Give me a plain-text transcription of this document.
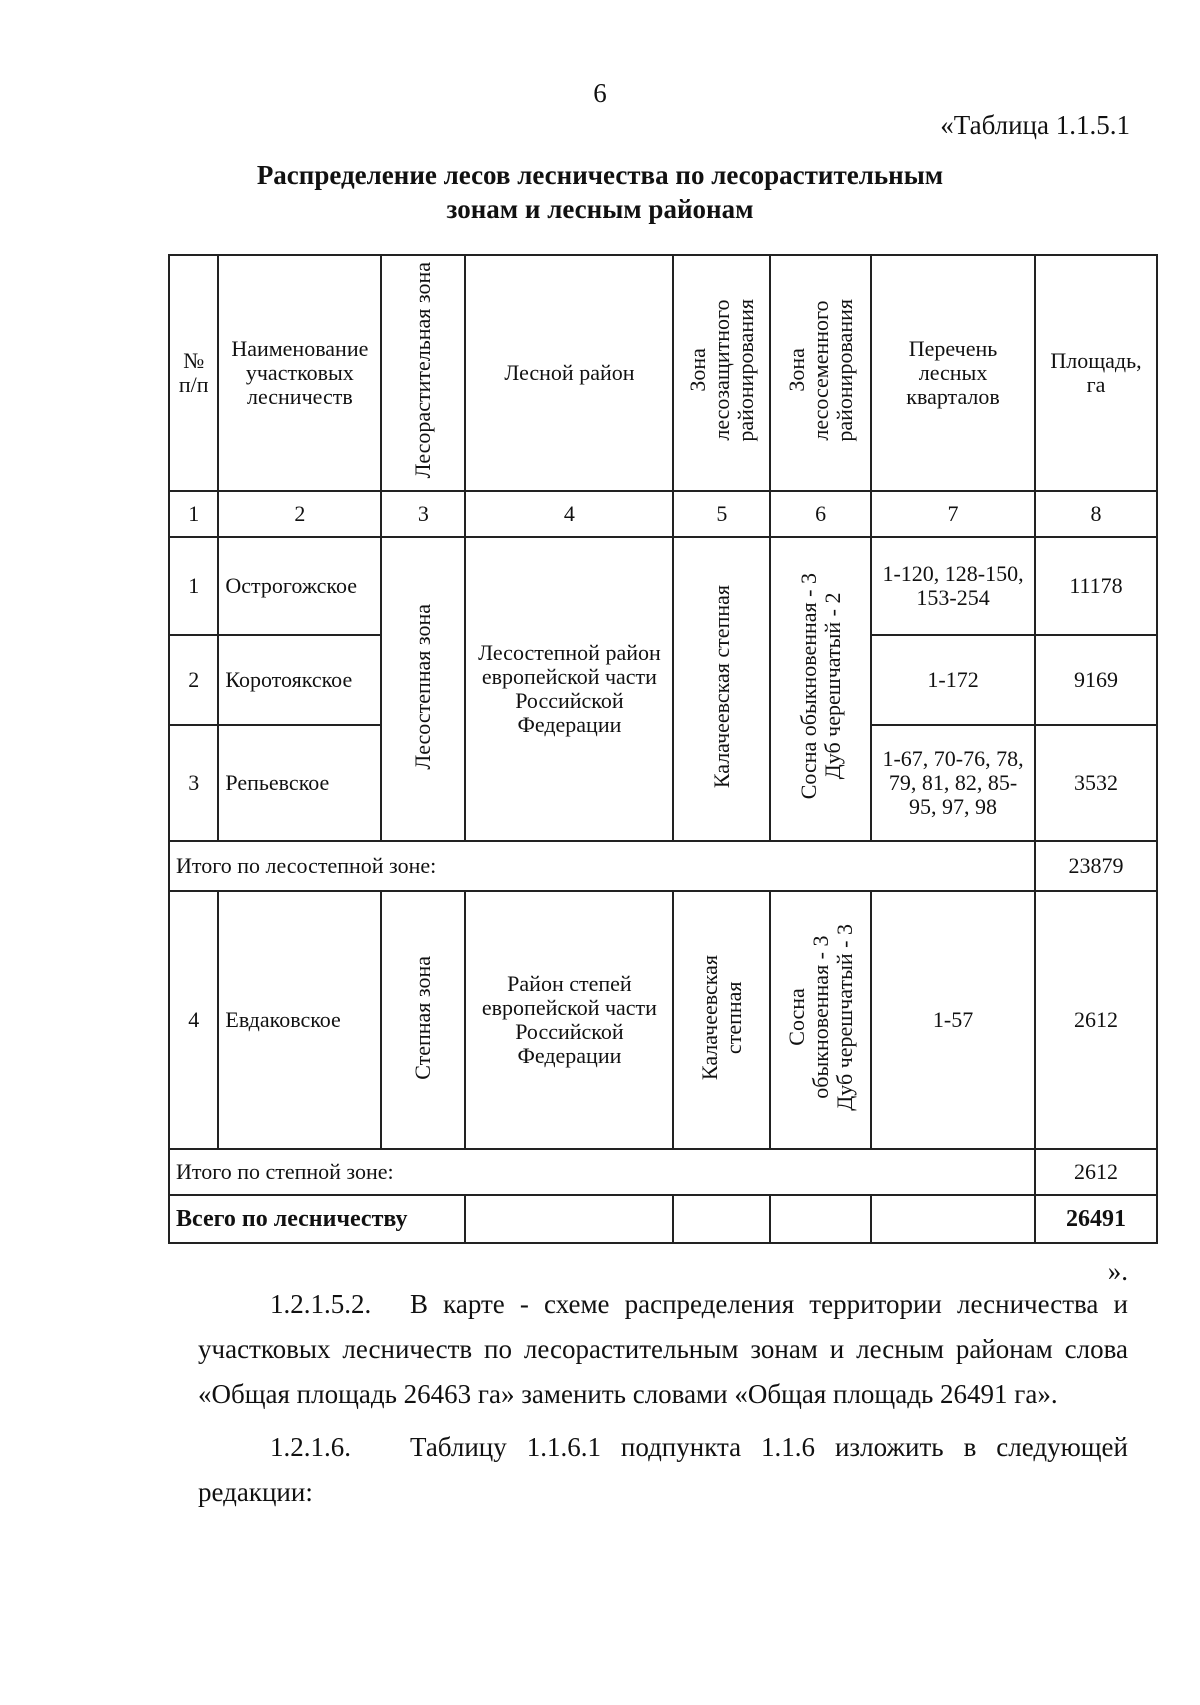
6
«Таблица 1.1.5.1
Распределение лесов лесничества по лесорастительным
зонам и лесным районам
№ п/п	Наименование участковых лесничеств	Лесорастительная зона	Лесной район	Зона
лесозащитного
районирования	Зона
лесосеменного
районирования	Перечень лесных кварталов	Площадь, га
1	2	3	4	5	6	7	8
1	Острогожское	Лесостепная зона	Лесостепной район европейской части Российской Федерации	Калачеевская степная	Сосна обыкновенная - 3
Дуб черешчатый - 2	1-120, 128-150, 153-254	11178
2	Коротоякское					1-172	9169
3	Репьевское					1-67, 70-76, 78, 79, 81, 82, 85-95, 97, 98	3532
Итого по лесостепной зоне:							23879
4	Евдаковское	Степная зона	Район степей европейской части Российской Федерации	Калачеевская
степная	Сосна
обыкновенная - 3
Дуб черешчатый - 3	1-57	2612
Итого по степной зоне:							2612
Всего по лесничеству							26491
».
1.2.1.5.2. В карте - схеме распределения территории лесничества и участковых лесничеств по лесорастительным зонам и лесным районам слова «Общая площадь 26463 га» заменить словами «Общая площадь 26491 га».
1.2.1.6. Таблицу 1.1.6.1 подпункта 1.1.6 изложить в следующей редакции:
